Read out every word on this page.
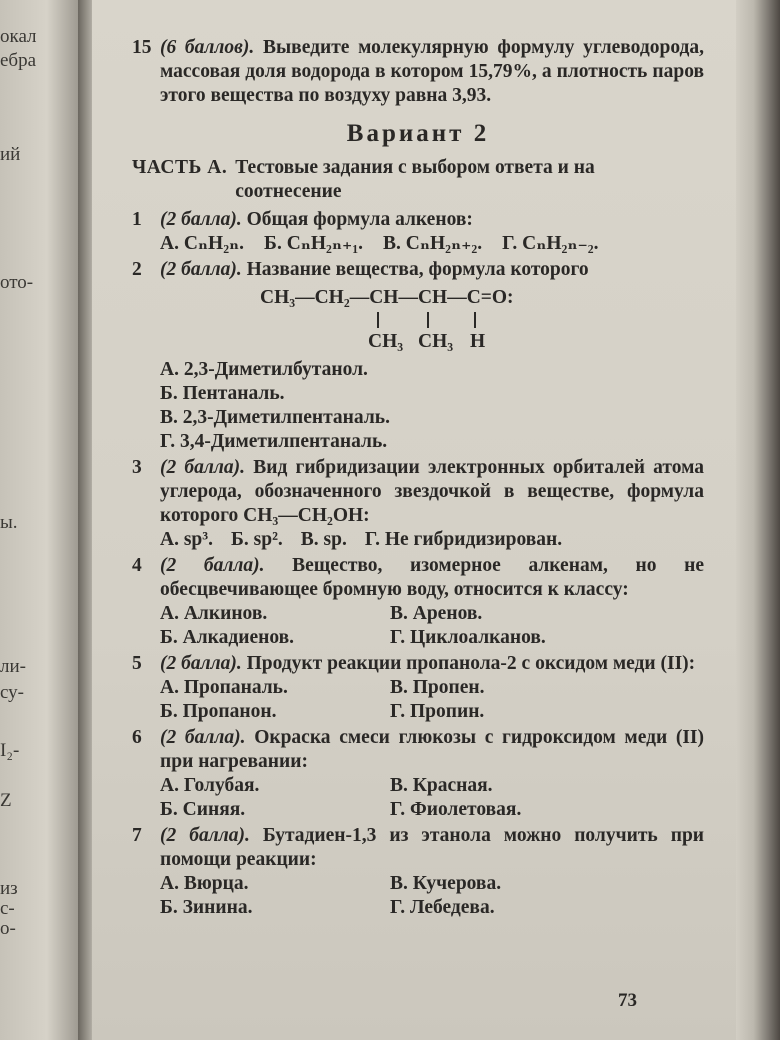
окал
ебра
ий
ото-
ы.
ли-
су-
I₂-
Z
из
с-
о-
15 (6 баллов). Выведите молекулярную формулу углеводорода, массовая доля водорода в котором 15,79%, а плотность паров этого вещества по воздуху равна 3,93.
Вариант 2
ЧАСТЬ А. Тестовые задания с выбором ответа и на соотнесение
1 (2 балла). Общая формула алкенов:
А. CₙH₂ₙ. Б. CₙH₂ₙ₊₁. В. CₙH₂ₙ₊₂. Г. CₙH₂ₙ₋₂.
2 (2 балла). Название вещества, формула которого
CH₃—CH₂—CH—CH—C=O:
CH₃ CH₃ H
А. 2,3-Диметилбутанол.
Б. Пентаналь.
В. 2,3-Диметилпентаналь.
Г. 3,4-Диметилпентаналь.
3 (2 балла). Вид гибридизации электронных орбиталей атома углерода, обозначенного звездочкой в веществе, формула которого CH₃—CH₂OH:
А. sp³. Б. sp². В. sp. Г. Не гибридизирован.
4 (2 балла). Вещество, изомерное алкенам, но не обесцвечивающее бромную воду, относится к классу:
А. Алкинов.	В. Аренов.
Б. Алкадиенов.	Г. Циклоалканов.
5 (2 балла). Продукт реакции пропанола-2 с оксидом меди (II):
А. Пропаналь.	В. Пропен.
Б. Пропанон.	Г. Пропин.
6 (2 балла). Окраска смеси глюкозы с гидроксидом меди (II) при нагревании:
А. Голубая.	В. Красная.
Б. Синяя.	Г. Фиолетовая.
7 (2 балла). Бутадиен-1,3 из этанола можно получить при помощи реакции:
А. Вюрца.	В. Кучерова.
Б. Зинина.	Г. Лебедева.
73
